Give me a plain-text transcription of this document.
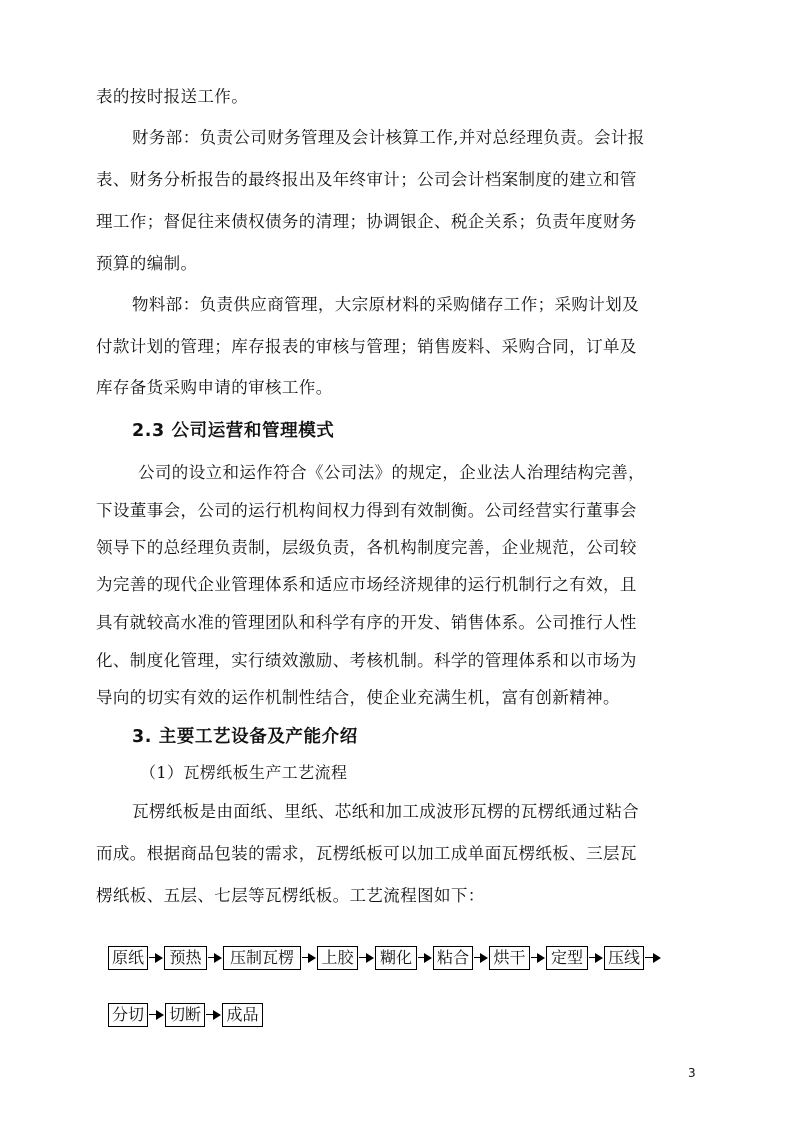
表的按时报送工作。

财务部：负责公司财务管理及会计核算工作,并对总经理负责。会计报

表、财务分析报告的最终报出及年终审计；公司会计档案制度的建立和管

理工作；督促往来债权债务的清理；协调银企、税企关系；负责年度财务

预算的编制。

物料部：负责供应商管理，大宗原材料的采购储存工作；采购计划及

付款计划的管理；库存报表的审核与管理；销售废料、采购合同，订单及

库存备货采购申请的审核工作。

2.3 公司运营和管理模式

公司的设立和运作符合《公司法》的规定，企业法人治理结构完善，

下设董事会，公司的运行机构间权力得到有效制衡。公司经营实行董事会

领导下的总经理负责制，层级负责，各机构制度完善，企业规范，公司较

为完善的现代企业管理体系和适应市场经济规律的运行机制行之有效，且

具有就较高水准的管理团队和科学有序的开发、销售体系。公司推行人性

化、制度化管理，实行绩效激励、考核机制。科学的管理体系和以市场为

导向的切实有效的运作机制性结合，使企业充满生机，富有创新精神。

3. 主要工艺设备及产能介绍

（1）瓦楞纸板生产工艺流程

瓦楞纸板是由面纸、里纸、芯纸和加工成波形瓦楞的瓦楞纸通过粘合

而成。根据商品包装的需求，瓦楞纸板可以加工成单面瓦楞纸板、三层瓦

楞纸板、五层、七层等瓦楞纸板。工艺流程图如下：

原纸	预热	压制瓦楞	上胶	糊化	粘合 烘干	定型	压线
分切 切断 成品
3
